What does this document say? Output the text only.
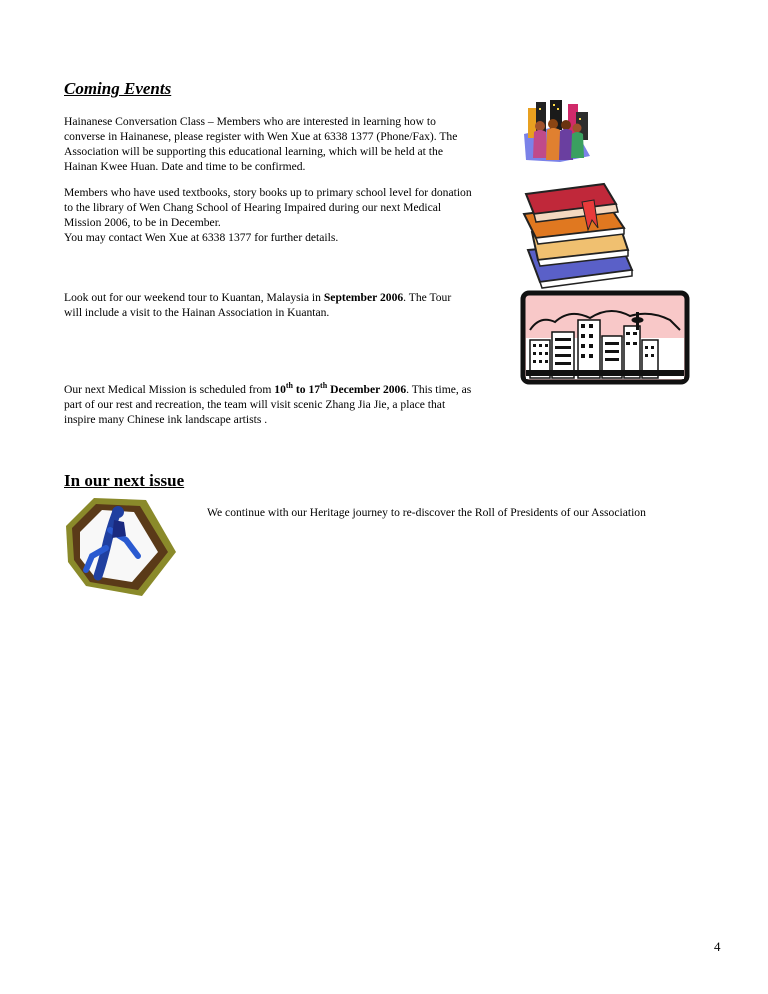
Coming Events

Hainanese Conversation Class – Members who are interested in learning how to

converse in Hainanese, please register with Wen Xue at 6338 1377 (Phone/Fax). The

Association will be supporting this educational learning, which will be held at the

Hainan Kwee Huan. Date and time to be confirmed.

Members who have used textbooks, story books up to primary school level for donation

to the library of Wen Chang School of Hearing Impaired during our next Medical

Mission 2006, to be in December.

You may contact Wen Xue at 6338 1377 for further details.

Look out for our weekend tour to Kuantan, Malaysia in September 2006. The Tour

will include a visit to the Hainan Association in Kuantan.

Our next Medical Mission is scheduled from 10th to 17th December 2006. This time, as

part of our rest and recreation, the team will visit scenic Zhang Jia Jie, a place that

inspire many Chinese ink landscape artists .

In our next issue

We continue with our Heritage journey to re-discover the Roll of Presidents of our Association

4
